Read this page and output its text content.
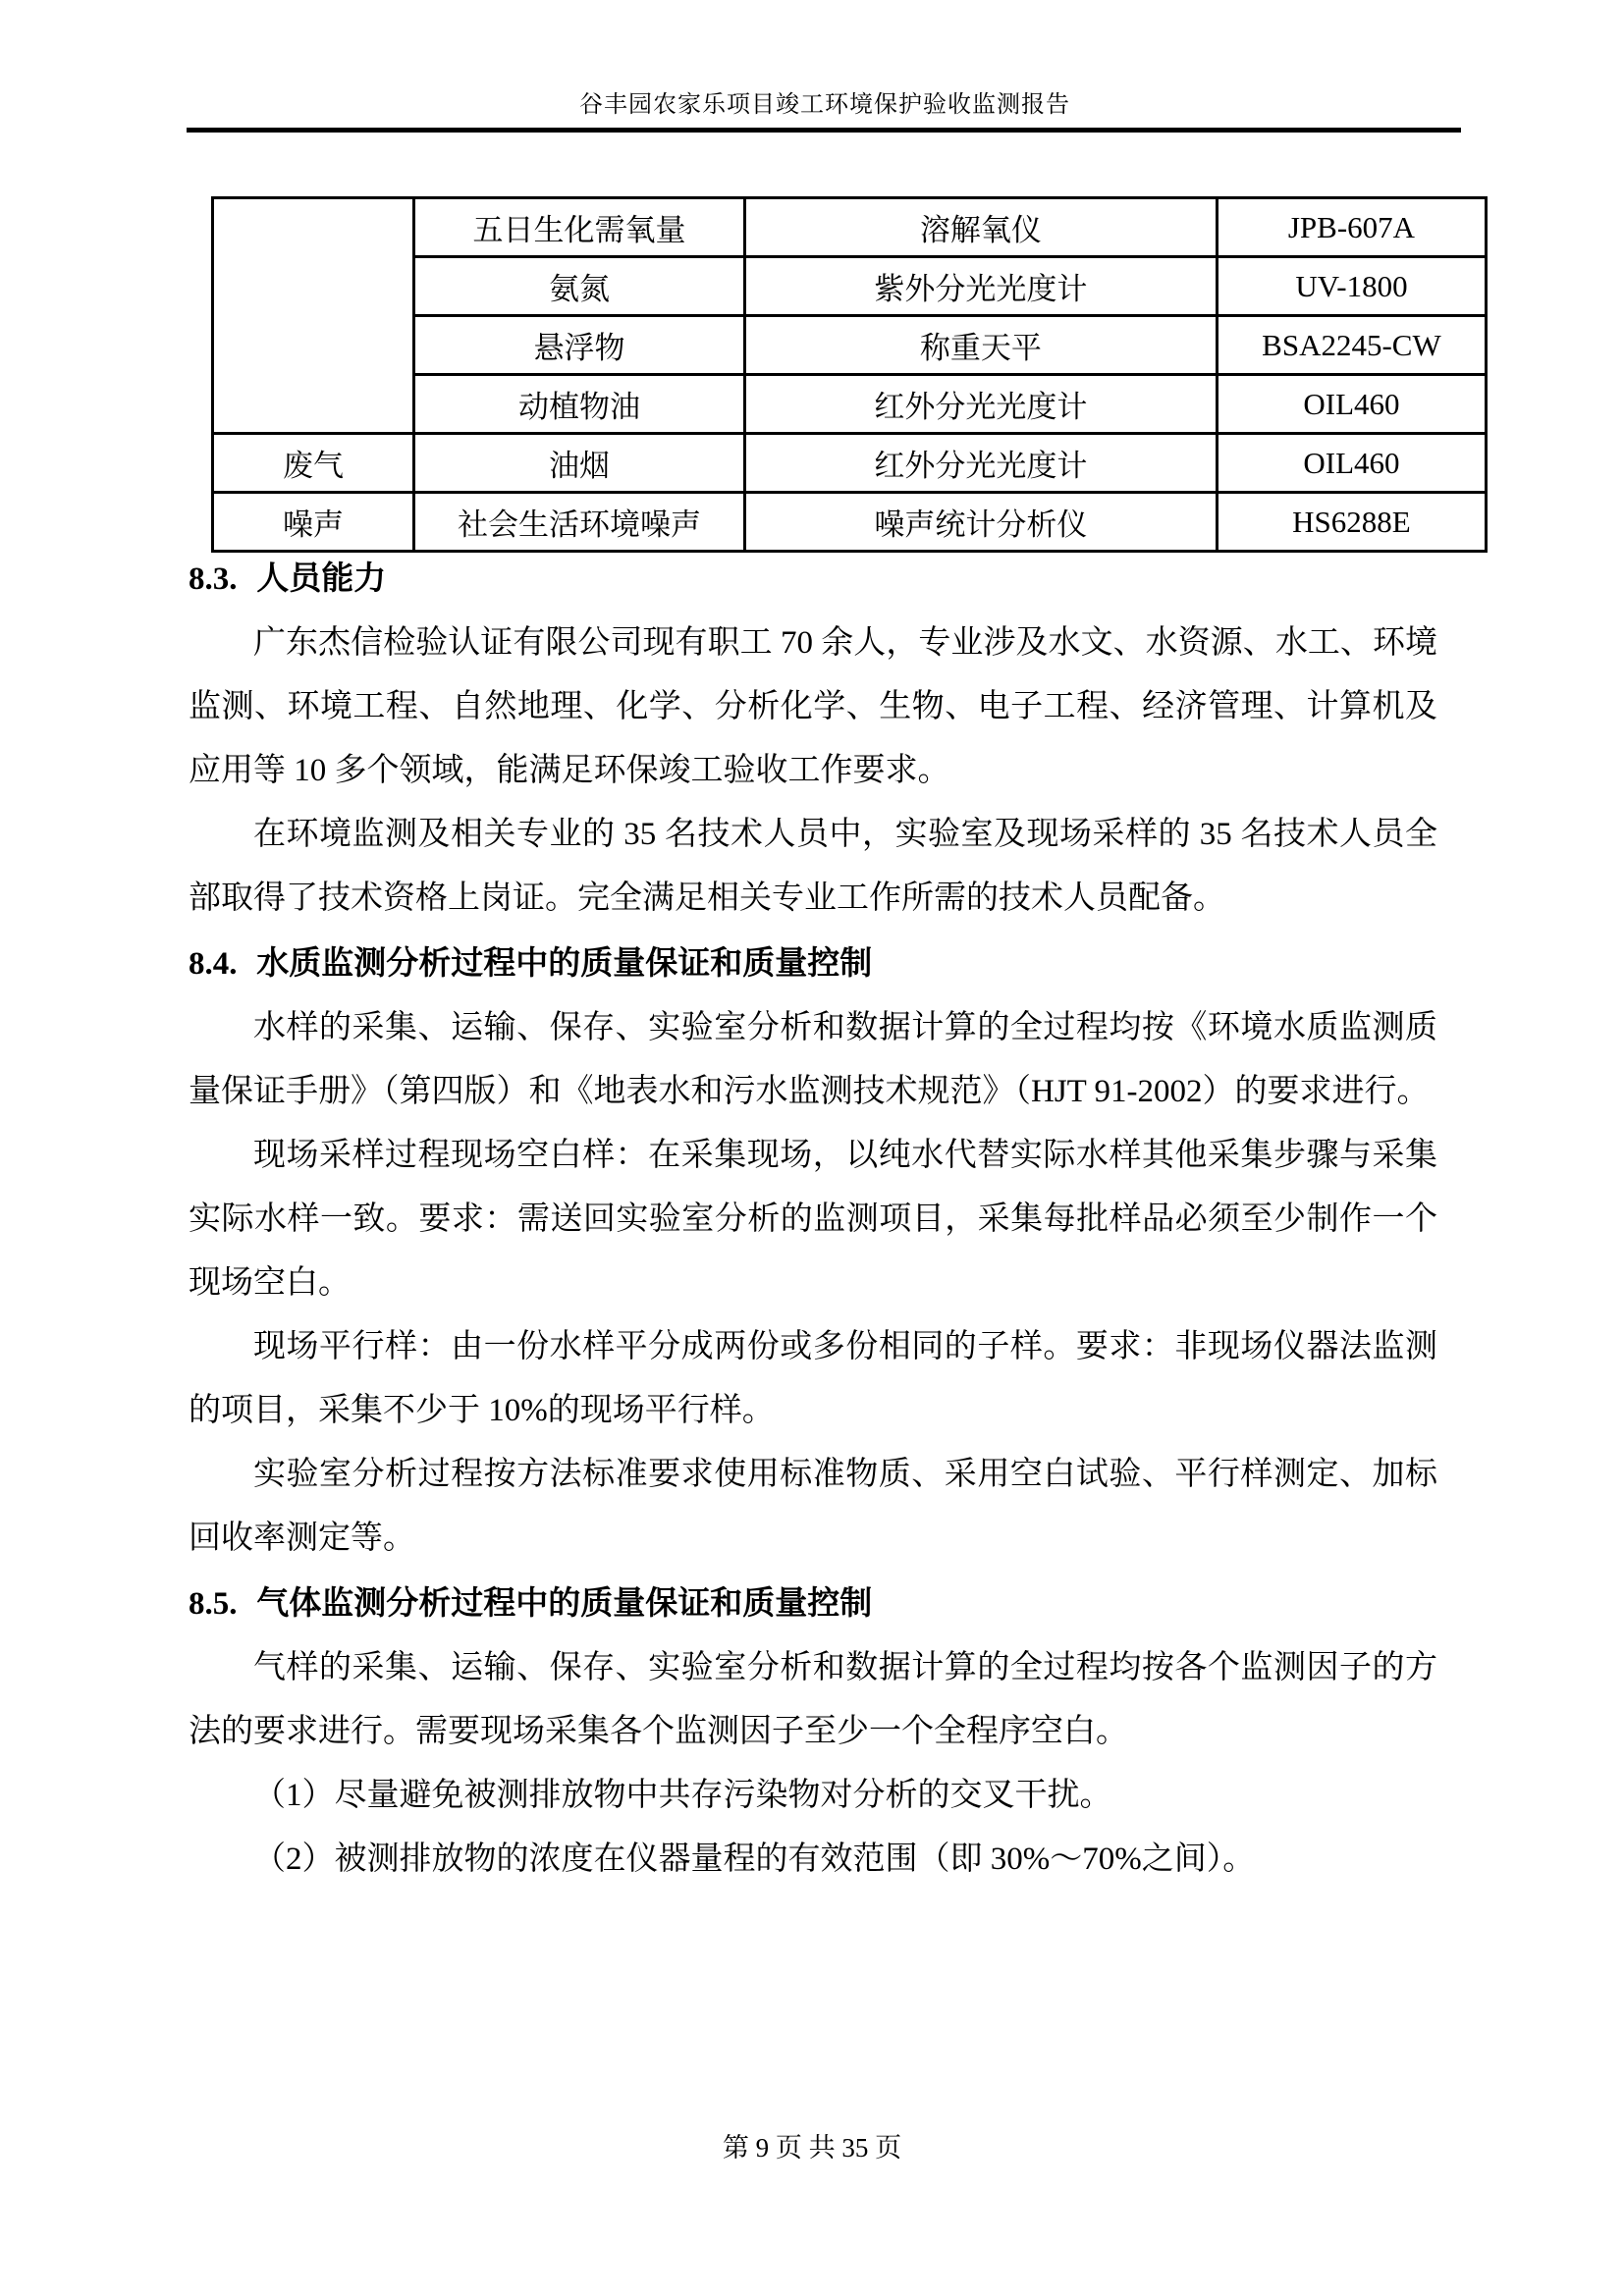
谷丰园农家乐项目竣工环境保护验收监测报告
	五日生化需氧量	溶解氧仪	JPB-607A
	氨氮	紫外分光光度计	UV-1800
	悬浮物	称重天平	BSA2245-CW
	动植物油	红外分光光度计	OIL460
废气	油烟	红外分光光度计	OIL460
噪声	社会生活环境噪声	噪声统计分析仪	HS6288E
8.3. 人员能力

广东杰信检验认证有限公司现有职工 70 余人，专业涉及水文、水资源、水工、环境监测、环境工程、自然地理、化学、分析化学、生物、电子工程、经济管理、计算机及应用等 10 多个领域，能满足环保竣工验收工作要求。

在环境监测及相关专业的 35 名技术人员中，实验室及现场采样的 35 名技术人员全部取得了技术资格上岗证。完全满足相关专业工作所需的技术人员配备。

8.4. 水质监测分析过程中的质量保证和质量控制

水样的采集、运输、保存、实验室分析和数据计算的全过程均按《环境水质监测质量保证手册》（第四版）和《地表水和污水监测技术规范》（HJT 91-2002）的要求进行。

现场采样过程现场空白样：在采集现场，以纯水代替实际水样其他采集步骤与采集实际水样一致。要求：需送回实验室分析的监测项目，采集每批样品必须至少制作一个现场空白。

现场平行样：由一份水样平分成两份或多份相同的子样。要求：非现场仪器法监测的项目，采集不少于 10%的现场平行样。

实验室分析过程按方法标准要求使用标准物质、采用空白试验、平行样测定、加标回收率测定等。

8.5. 气体监测分析过程中的质量保证和质量控制

气样的采集、运输、保存、实验室分析和数据计算的全过程均按各个监测因子的方法的要求进行。需要现场采集各个监测因子至少一个全程序空白。

（1）尽量避免被测排放物中共存污染物对分析的交叉干扰。

（2）被测排放物的浓度在仪器量程的有效范围（即 30%～70%之间）。

第 9 页 共 35 页
